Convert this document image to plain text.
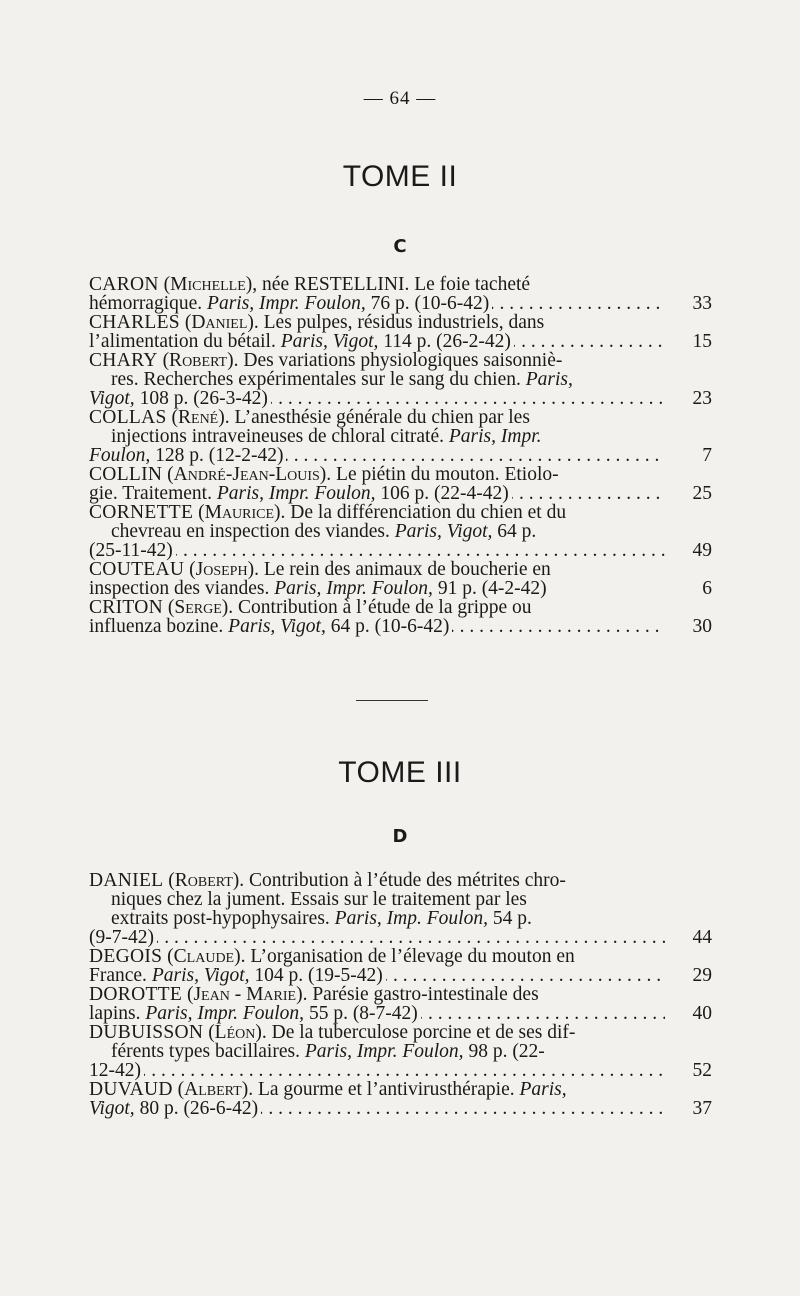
— 64 —
TOME II
C
CARON (Michelle), née RESTELLINI. Le foie tacheté

hémorragique. Paris, Impr. Foulon, 76 p. (10-6-42) . . .	33
CHARLES (Daniel). Les pulpes, résidus industriels, dans

l’alimentation du bétail. Paris, Vigot, 114 p. (26-2-42) . . .	15
CHARY (Robert). Des variations physiologiques saisonniè-
res. Recherches expérimentales sur le sang du chien. Paris,

Vigot, 108 p. (26-3-42) . . .	23
COLLAS (René). L’anesthésie générale du chien par les
injections intraveineuses de chloral citraté. Paris, Impr.

Foulon, 128 p. (12-2-42) . . .	7
COLLIN (André-Jean-Louis). Le piétin du mouton. Etiolo-

gie. Traitement. Paris, Impr. Foulon, 106 p. (22-4-42) . . .	25
CORNETTE (Maurice). De la différenciation du chien et du
chevreau en inspection des viandes. Paris, Vigot, 64 p.

(25-11-42) . . .	49
COUTEAU (Joseph). Le rein des animaux de boucherie en

inspection des viandes. Paris, Impr. Foulon, 91 p. (4-2-42)	6
CRITON (Serge). Contribution à l’étude de la grippe ou

influenza bozine. Paris, Vigot, 64 p. (10-6-42) . . .	30
TOME III
D
DANIEL (Robert). Contribution à l’étude des métrites chro-
niques chez la jument. Essais sur le traitement par les
extraits post-hypophysaires. Paris, Imp. Foulon, 54 p.

(9-7-42) . . .	44
DEGOIS (Claude). L’organisation de l’élevage du mouton en

France. Paris, Vigot, 104 p. (19-5-42) . . .	29
DOROTTE (Jean - Marie). Parésie gastro-intestinale des

lapins. Paris, Impr. Foulon, 55 p. (8-7-42) . . .	40
DUBUISSON (Léon). De la tuberculose porcine et de ses dif-
férents types bacillaires. Paris, Impr. Foulon, 98 p. (22-

12-42) . . .	52
DUVAUD (Albert). La gourme et l’antivirusthérapie. Paris,

Vigot, 80 p. (26-6-42) . . .	37
